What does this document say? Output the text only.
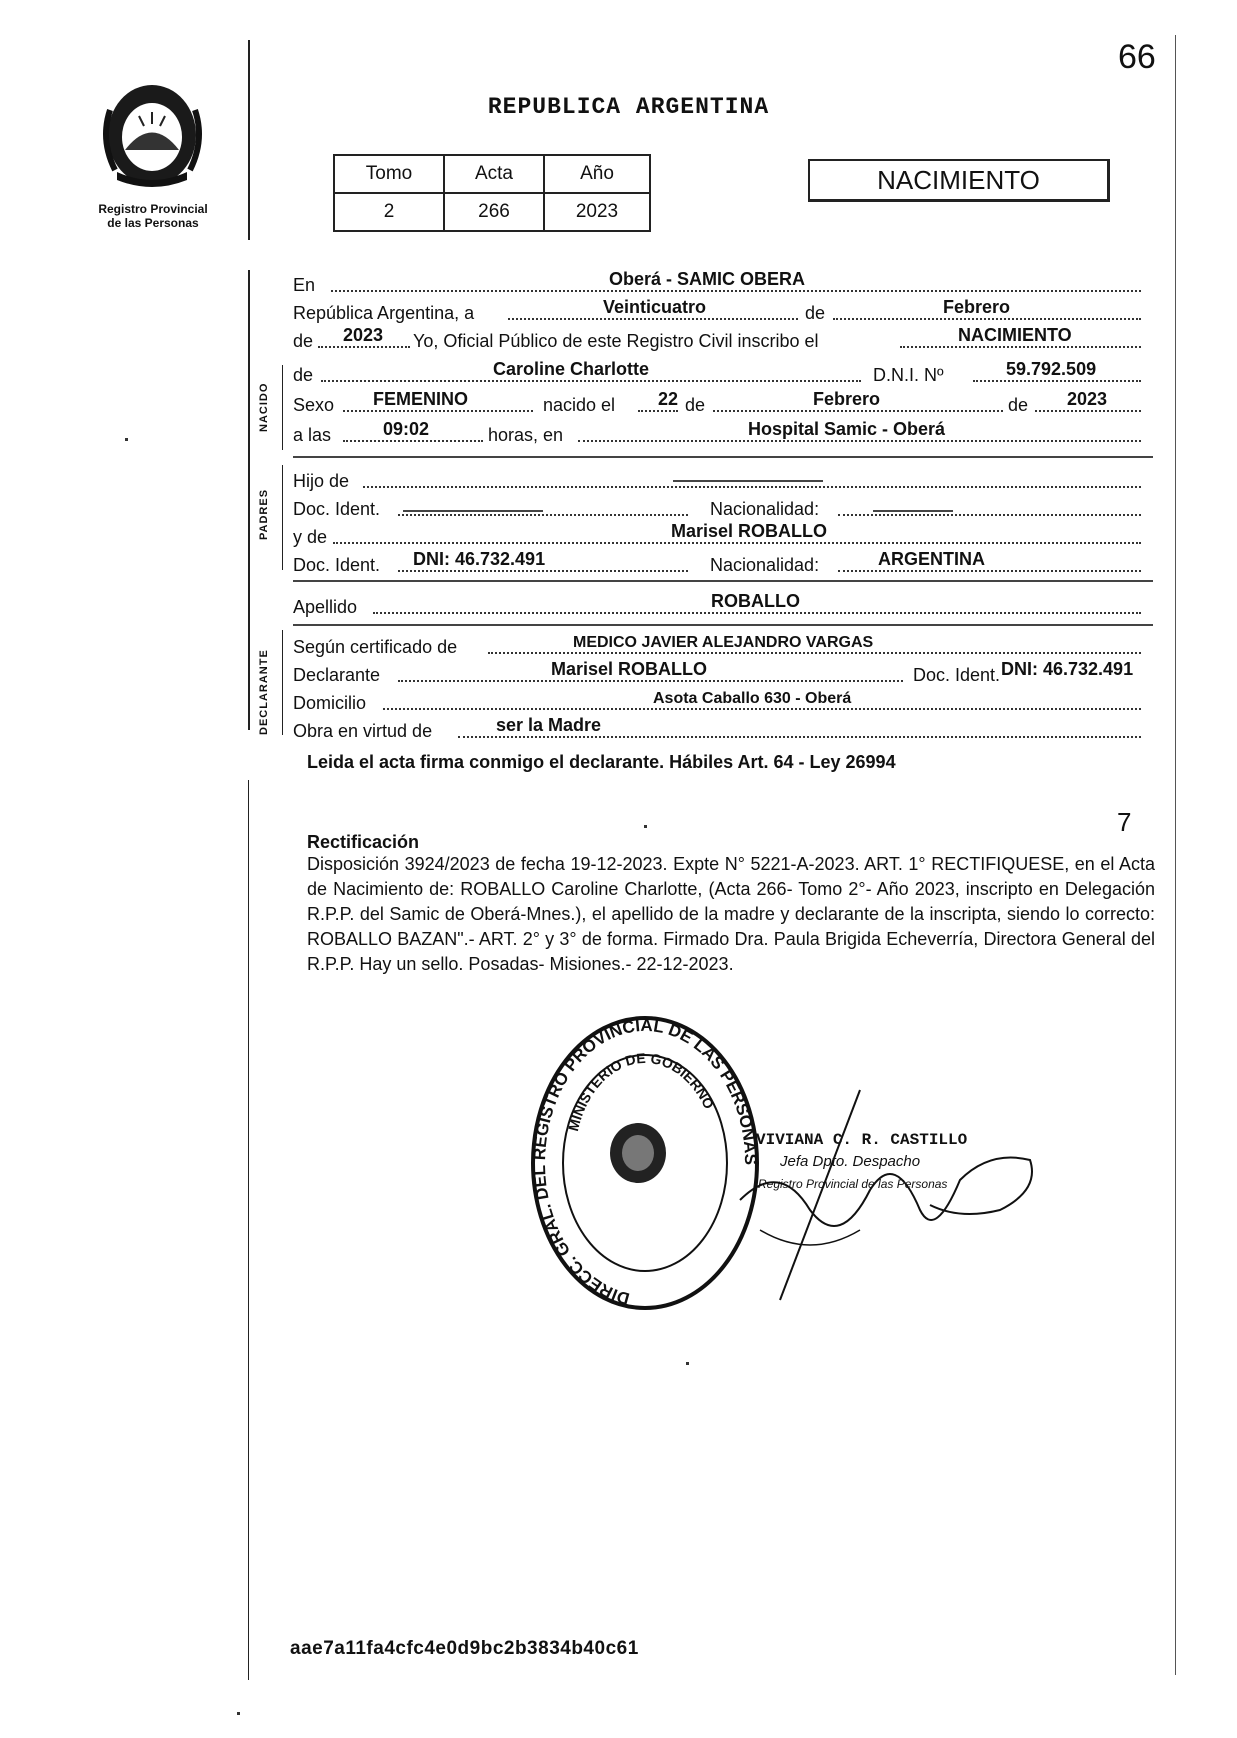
66
REPUBLICA ARGENTINA
Registro Provincial
de las Personas
Tomo	Acta	Año
2	266	2023
NACIMIENTO
NACIDO
PADRES
DECLARANTE
En	Oberá - SAMIC OBERA
República Argentina, a	Veinticuatro	de	Febrero
de 2023 Yo, Oficial Público de este Registro Civil inscribo el	NACIMIENTO
de	Caroline Charlotte	D.N.I. Nº	59.792.509
Sexo FEMENINO	nacido el 22 de	Febrero	de 2023
a las	09:02	horas, en	Hospital Samic - Oberá
Hijo de
Doc. Ident.	Nacionalidad:
y de	Marisel ROBALLO
Doc. Ident. DNI: 46.732.491	Nacionalidad:	ARGENTINA
Apellido	ROBALLO
Según certificado de	MEDICO JAVIER ALEJANDRO VARGAS
Declarante	Marisel ROBALLO	Doc. Ident. DNI: 46.732.491
Domicilio	Asota Caballo 630 - Oberá
Obra en virtud de	ser la Madre
Leida el acta firma conmigo el declarante. Hábiles Art. 64 - Ley 26994
7
Rectificación
Disposición 3924/2023 de fecha 19-12-2023. Expte N° 5221-A-2023. ART. 1° RECTIFIQUESE, en el Acta de Nacimiento de: ROBALLO Caroline Charlotte, (Acta 266- Tomo 2°- Año 2023, inscripto en Delegación R.P.P. del Samic de Oberá-Mnes.), el apellido de la madre y declarante de la inscripta, siendo lo correcto: ROBALLO BAZAN".- ART. 2° y 3° de forma. Firmado Dra. Paula Brigida Echeverría, Directora General del R.P.P. Hay un sello. Posadas- Misiones.- 22-12-2023.
DIRECC. GRAL. DEL REGISTRO PROVINCIAL DE LAS PERSONAS
MINISTERIO DE GOBIERNO
VIVIANA C. R. CASTILLO
Jefa Dpto. Despacho
Registro Provincial de las Personas
aae7a11fa4cfc4e0d9bc2b3834b40c61
